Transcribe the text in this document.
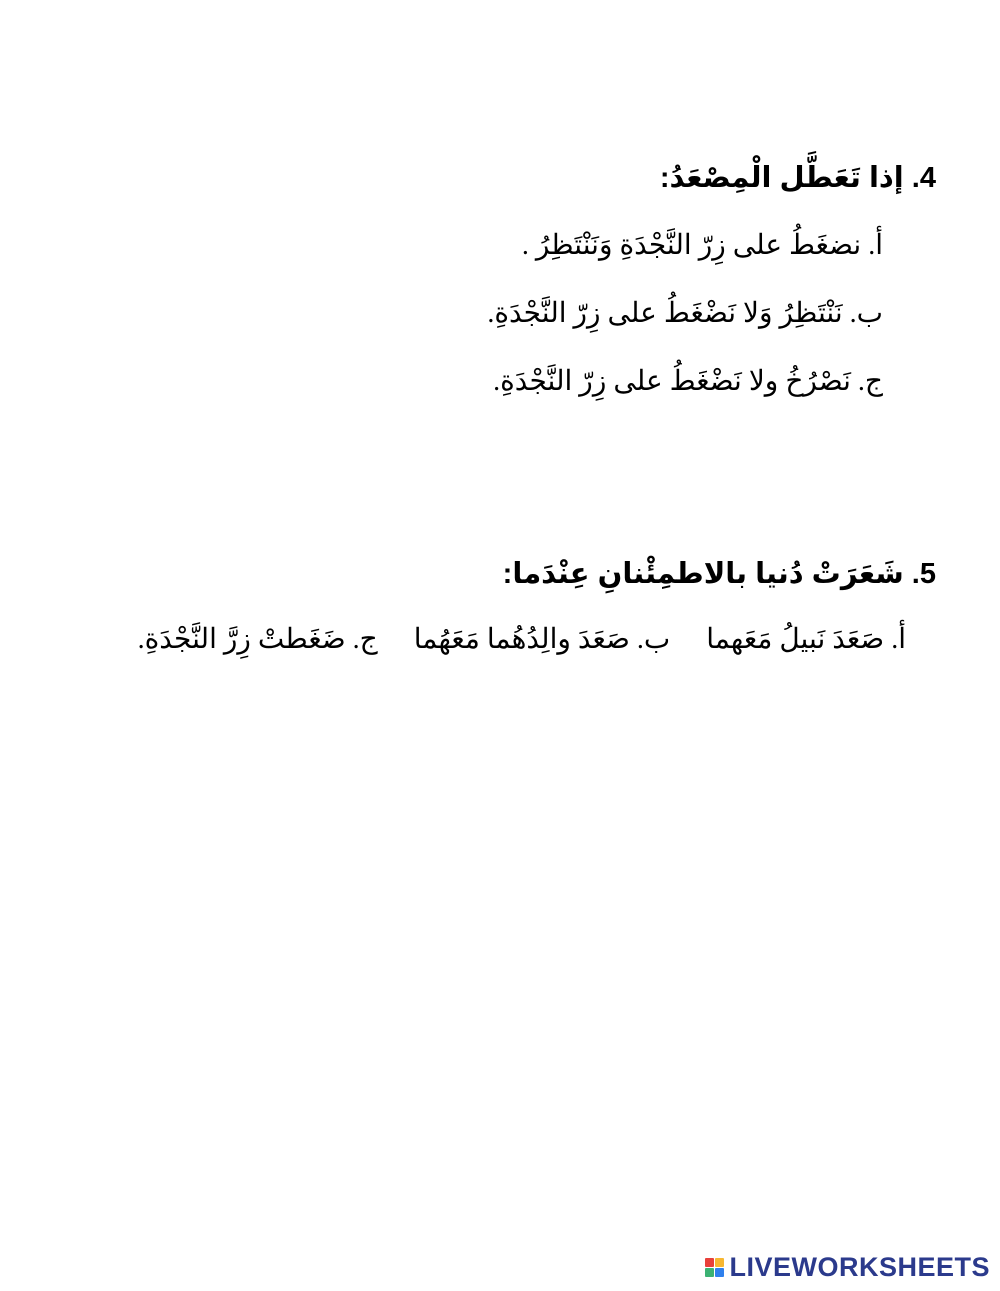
4. إذا تَعَطَّل الْمِصْعَدُ:
أ. نضغَطُ على زِرّ النَّجْدَةِ وَنَنْتَظِرُ .
ب. نَنْتَظِرُ وَلا نَضْغَطُ على زِرّ النَّجْدَةِ.
ج. نَصْرُخُ ولا نَضْغَطُ على زِرّ النَّجْدَةِ.
5. شَعَرَتْ دُنيا بالاطمِئْنانِ عِنْدَما:
أ. صَعَدَ نَبيلُ مَعَهما
ب. صَعَدَ والِدُهُما مَعَهُما
ج. ضَغَطتْ زِرَّ النَّجْدَةِ.
LIVEWORKSHEETS
